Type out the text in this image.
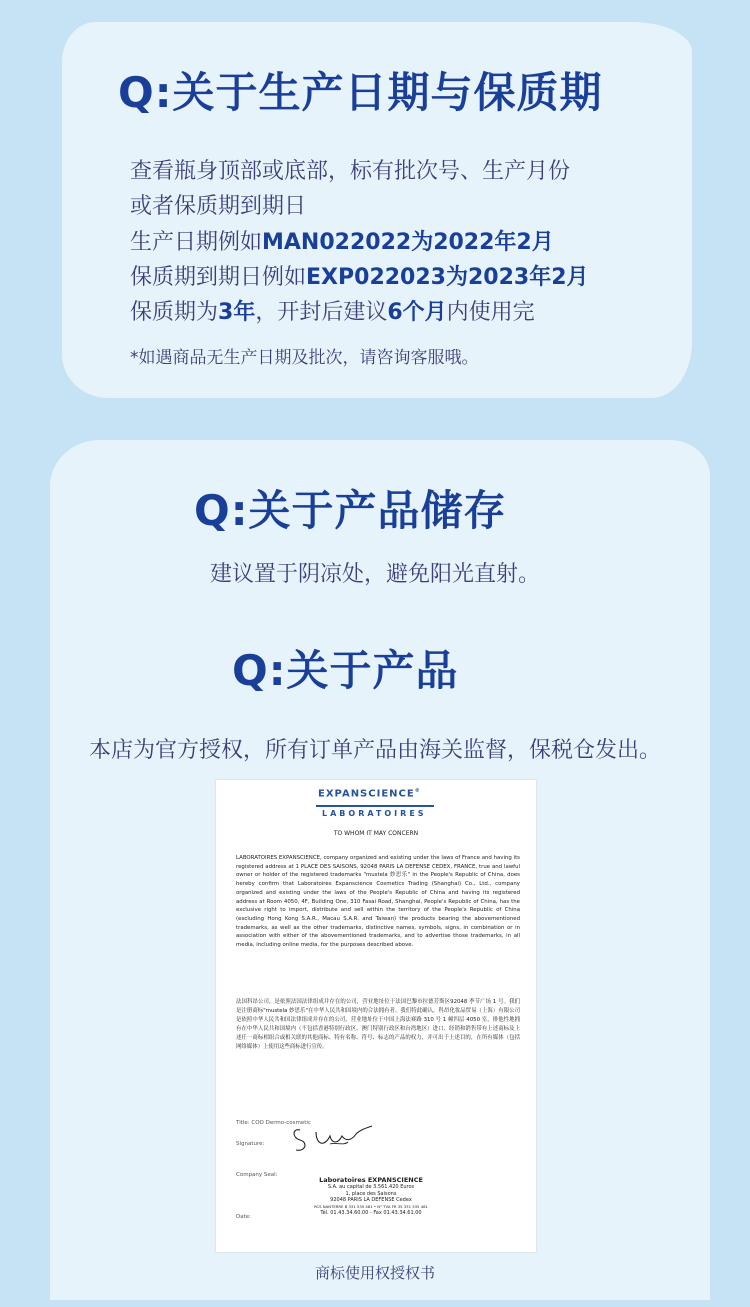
Q:关于生产日期与保质期

查看瓶身顶部或底部，标有批次号、生产月份

或者保质期到期日

生产日期例如MAN022022为2022年2月

保质期到期日例如EXP022023为2023年2月

保质期为3年，开封后建议6个月内使用完

*如遇商品无生产日期及批次，请咨询客服哦。

Q:关于产品储存

建议置于阴凉处，避免阳光直射。

Q:关于产品

本店为官方授权，所有订单产品由海关监督，保税仓发出。

EXPANSCIENCE®
LABORATOIRES
TO WHOM IT MAY CONCERN
LABORATOIRES EXPANSCIENCE, company organized and existing under the laws of France and having its registered address at 1 PLACE DES SAISONS, 92048 PARIS LA DEFENSE CEDEX, FRANCE, true and lawful owner or holder of the registered trademarks "mustela 妙思乐" in the People's Republic of China, does hereby confirm that Laboratoires Expanscience Cosmetics Trading (Shanghai) Co., Ltd., company organized and existing under the laws of the People's Republic of China and having its registered address at Room 4050, 4F, Building One, 310 Fasai Road, Shanghai, People's Republic of China, has the exclusive right to import, distribute and sell within the territory of the People's Republic of China (excluding Hong Kong S.A.R., Macau S.A.R. and Taiwan) the products bearing the abovementioned trademarks, as well as the other trademarks, distinctive names, symbols, signs, in combination or in association with either of the abovementioned trademarks, and to advertise those trademarks, in all media, including online media, for the purposes described above.
法国科昂公司，是依照法国法律组成并存在的公司，营业地址位于法国巴黎市拉德芳斯区92048 季节广场 1 号。我们是注册商标"mustela 妙思乐"在中华人民共和国境内的合法拥有者。我们特此确认，科昂化妆品贸易（上海）有限公司是依照中华人民共和国法律组成并存在的公司，营业地址位于中国上海法赛路 310 号 1 幢四层 4050 室，排他性地拥有在中华人民共和国境内（不包括香港特别行政区、澳门特别行政区和台湾地区）进口、经销和销售带有上述商标及上述任一商标相组合或相关联的其他商标、特有名称、符号、标志的产品的权力，并可出于上述目的，在所有媒体（包括网络媒体）上使用这些商标进行宣传。
Title: COO Dermo-cosmetic
Signature:
Company Seal:
Laboratoires EXPANSCIENCE
S.A. au capital de 3.561.420 Euros
1, place des Saisons
92048 PARIS LA DEFENSE Cedex
RCS NANTERRE B 331 535 481 • N° TVA FR 35 331 535 481
Tél. 01.43.34.60.00 - Fax 01.43.34.61.00
Date:

商标使用权授权书
